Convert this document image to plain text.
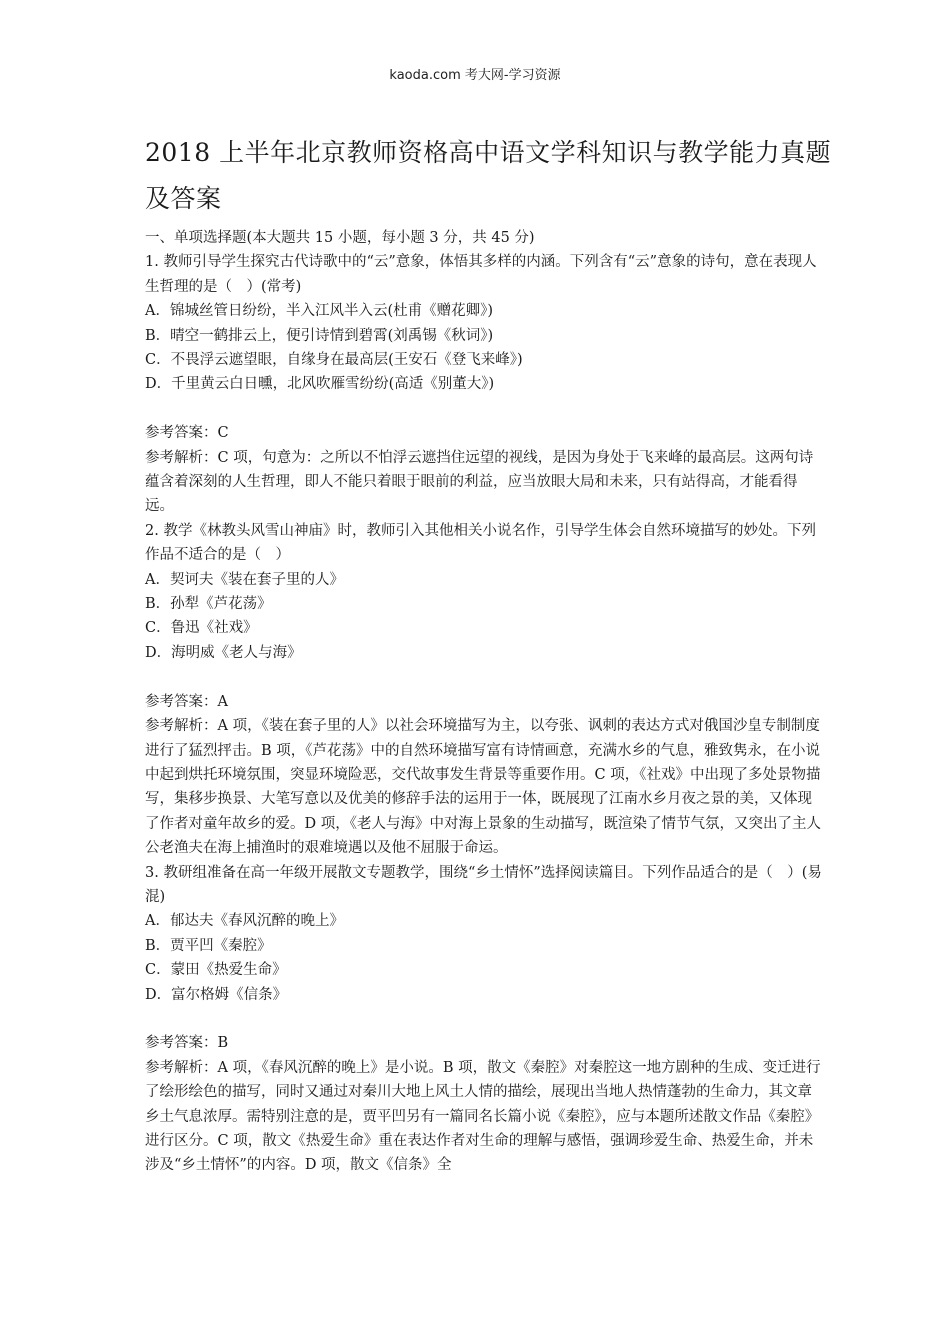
kaoda.com 考大网-学习资源
2018 上半年北京教师资格高中语文学科知识与教学能力真题及答案

一、单项选择题(本大题共 15 小题，每小题 3 分，共 45 分)

1. 教师引导学生探究古代诗歌中的“云”意象，体悟其多样的内涵。下列含有“云”意象的诗句，意在表现人生哲理的是（　）(常考)

A．锦城丝管日纷纷，半入江风半入云(杜甫《赠花卿》)

B．晴空一鹤排云上，便引诗情到碧霄(刘禹锡《秋词》)

C．不畏浮云遮望眼，自缘身在最高层(王安石《登飞来峰》)

D．千里黄云白日曛，北风吹雁雪纷纷(高适《别董大》)

参考答案：C

参考解析：C 项，句意为：之所以不怕浮云遮挡住远望的视线，是因为身处于飞来峰的最高层。这两句诗蕴含着深刻的人生哲理，即人不能只着眼于眼前的利益，应当放眼大局和未来，只有站得高，才能看得远。

2. 教学《林教头风雪山神庙》时，教师引入其他相关小说名作，引导学生体会自然环境描写的妙处。下列作品不适合的是（　）

A．契诃夫《装在套子里的人》

B．孙犁《芦花荡》

C．鲁迅《社戏》

D．海明威《老人与海》

参考答案：A

参考解析：A 项，《装在套子里的人》以社会环境描写为主，以夸张、讽刺的表达方式对俄国沙皇专制制度进行了猛烈抨击。B 项，《芦花荡》中的自然环境描写富有诗情画意，充满水乡的气息，雅致隽永，在小说中起到烘托环境氛围，突显环境险恶，交代故事发生背景等重要作用。C 项，《社戏》中出现了多处景物描写，集移步换景、大笔写意以及优美的修辞手法的运用于一体，既展现了江南水乡月夜之景的美，又体现了作者对童年故乡的爱。D 项，《老人与海》中对海上景象的生动描写，既渲染了情节气氛，又突出了主人公老渔夫在海上捕渔时的艰难境遇以及他不屈服于命运。

3. 教研组准备在高一年级开展散文专题教学，围绕“乡土情怀”选择阅读篇目。下列作品适合的是（　）(易混)

A．郁达夫《春风沉醉的晚上》

B．贾平凹《秦腔》

C．蒙田《热爱生命》

D．富尔格姆《信条》

参考答案：B

参考解析：A 项，《春风沉醉的晚上》是小说。B 项，散文《秦腔》对秦腔这一地方剧种的生成、变迁进行了绘形绘色的描写，同时又通过对秦川大地上风土人情的描绘，展现出当地人热情蓬勃的生命力，其文章乡土气息浓厚。需特别注意的是，贾平凹另有一篇同名长篇小说《秦腔》，应与本题所述散文作品《秦腔》进行区分。C 项，散文《热爱生命》重在表达作者对生命的理解与感悟，强调珍爱生命、热爱生命，并未涉及“乡土情怀”的内容。D 项，散文《信条》全
